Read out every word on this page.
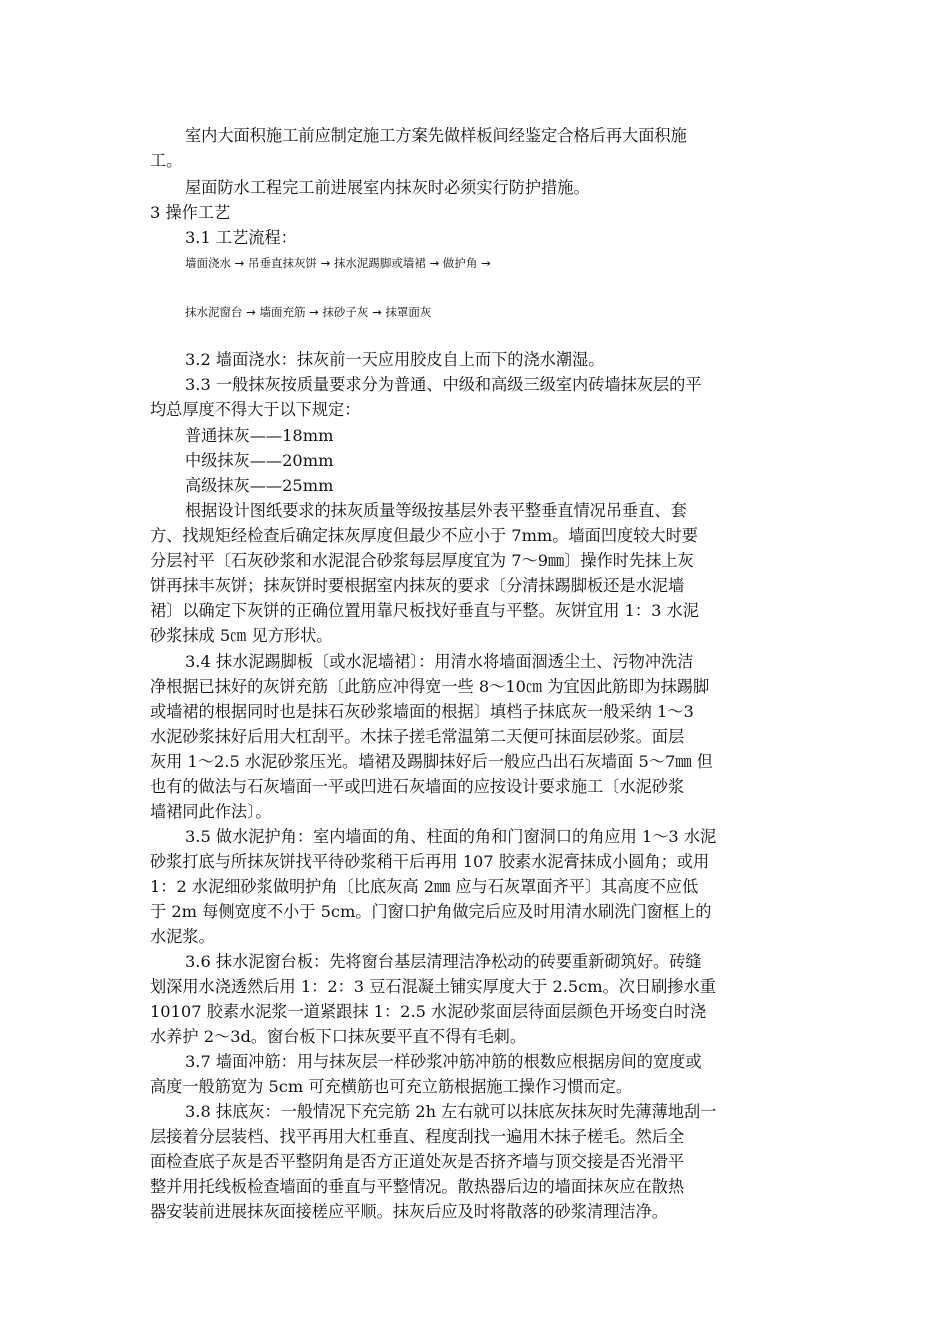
室内大面积施工前应制定施工方案先做样板间经鉴定合格后再大面积施
工。
屋面防水工程完工前进展室内抹灰时必须实行防护措施。
3 操作工艺
3.1 工艺流程：
墙面浇水 → 吊垂直抹灰饼 → 抹水泥踢脚或墙裙 → 做护角 →
抹水泥窗台 → 墙面充筋 → 抹砂子灰 → 抹罩面灰
3.2 墙面浇水：抹灰前一天应用胶皮自上而下的浇水潮湿。
3.3 一般抹灰按质量要求分为普通、中级和高级三级室内砖墙抹灰层的平
均总厚度不得大于以下规定：
普通抹灰——18mm
中级抹灰——20mm
高级抹灰——25mm
根据设计图纸要求的抹灰质量等级按基层外表平整垂直情况吊垂直、套
方、找规矩经检查后确定抹灰厚度但最少不应小于 7mm。墙面凹度较大时要
分层衬平〔石灰砂浆和水泥混合砂浆每层厚度宜为 7～9㎜〕操作时先抹上灰
饼再抹丰灰饼；抹灰饼时要根据室内抹灰的要求〔分清抹踢脚板还是水泥墙
裙〕以确定下灰饼的正确位置用靠尺板找好垂直与平整。灰饼宜用 1：3 水泥
砂浆抹成 5㎝ 见方形状。
3.4 抹水泥踢脚板〔或水泥墙裙〕：用清水将墙面涸透尘土、污物冲洗洁
净根据已抹好的灰饼充筋〔此筋应冲得宽一些 8～10㎝ 为宜因此筋即为抹踢脚
或墙裙的根据同时也是抹石灰砂浆墙面的根据〕填档子抹底灰一般采纳 1～3
水泥砂浆抹好后用大杠刮平。木抹子搓毛常温第二天便可抹面层砂浆。面层
灰用 1～2.5 水泥砂浆压光。墙裙及踢脚抹好后一般应凸出石灰墙面 5～7㎜ 但
也有的做法与石灰墙面一平或凹进石灰墙面的应按设计要求施工〔水泥砂浆
墙裙同此作法〕。
3.5 做水泥护角：室内墙面的角、柱面的角和门窗洞口的角应用 1～3 水泥
砂浆打底与所抹灰饼找平待砂浆稍干后再用 107 胶素水泥膏抹成小圆角；或用
1：2 水泥细砂浆做明护角〔比底灰高 2㎜ 应与石灰罩面齐平〕其高度不应低
于 2m 每侧宽度不小于 5cm。门窗口护角做完后应及时用清水刷洗门窗框上的
水泥浆。
3.6 抹水泥窗台板：先将窗台基层清理洁净松动的砖要重新砌筑好。砖缝
划深用水浇透然后用 1：2：3 豆石混凝土铺实厚度大于 2.5cm。次日刷掺水重
10107 胶素水泥浆一道紧跟抹 1：2.5 水泥砂浆面层待面层颜色开场变白时浇
水养护 2～3d。窗台板下口抹灰要平直不得有毛刺。
3.7 墙面冲筋：用与抹灰层一样砂浆冲筋冲筋的根数应根据房间的宽度或
高度一般筋宽为 5cm 可充横筋也可充立筋根据施工操作习惯而定。
3.8 抹底灰：一般情况下充完筋 2h 左右就可以抹底灰抹灰时先薄薄地刮一
层接着分层装档、找平再用大杠垂直、程度刮找一遍用木抹子槎毛。然后全
面检查底子灰是否平整阴角是否方正道处灰是否挤齐墙与顶交接是否光滑平
整并用托线板检查墙面的垂直与平整情况。散热器后边的墙面抹灰应在散热
器安装前进展抹灰面接槎应平顺。抹灰后应及时将散落的砂浆清理洁净。
